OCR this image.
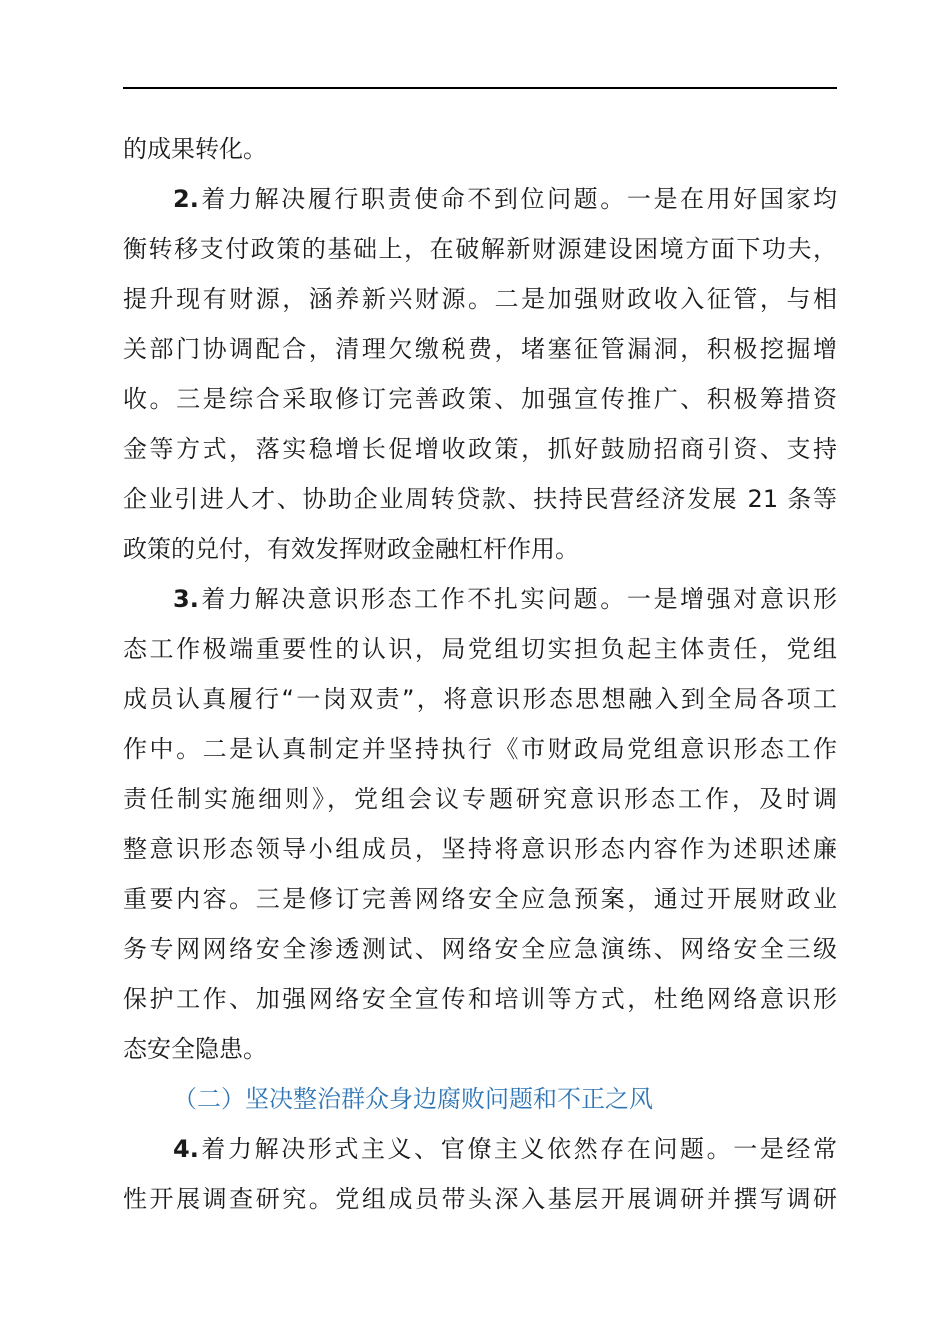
的成果转化。
2.着力解决履行职责使命不到位问题。一是在用好国家均
衡转移支付政策的基础上，在破解新财源建设困境方面下功夫，
提升现有财源，涵养新兴财源。二是加强财政收入征管，与相
关部门协调配合，清理欠缴税费，堵塞征管漏洞，积极挖掘增
收。三是综合采取修订完善政策、加强宣传推广、积极筹措资
金等方式，落实稳增长促增收政策，抓好鼓励招商引资、支持
企业引进人才、协助企业周转贷款、扶持民营经济发展 21 条等
政策的兑付，有效发挥财政金融杠杆作用。
3.着力解决意识形态工作不扎实问题。一是增强对意识形
态工作极端重要性的认识，局党组切实担负起主体责任，党组
成员认真履行“一岗双责”，将意识形态思想融入到全局各项工
作中。二是认真制定并坚持执行《市财政局党组意识形态工作
责任制实施细则》，党组会议专题研究意识形态工作，及时调
整意识形态领导小组成员，坚持将意识形态内容作为述职述廉
重要内容。三是修订完善网络安全应急预案，通过开展财政业
务专网网络安全渗透测试、网络安全应急演练、网络安全三级
保护工作、加强网络安全宣传和培训等方式，杜绝网络意识形
态安全隐患。
（二）坚决整治群众身边腐败问题和不正之风
4.着力解决形式主义、官僚主义依然存在问题。一是经常
性开展调查研究。党组成员带头深入基层开展调研并撰写调研
